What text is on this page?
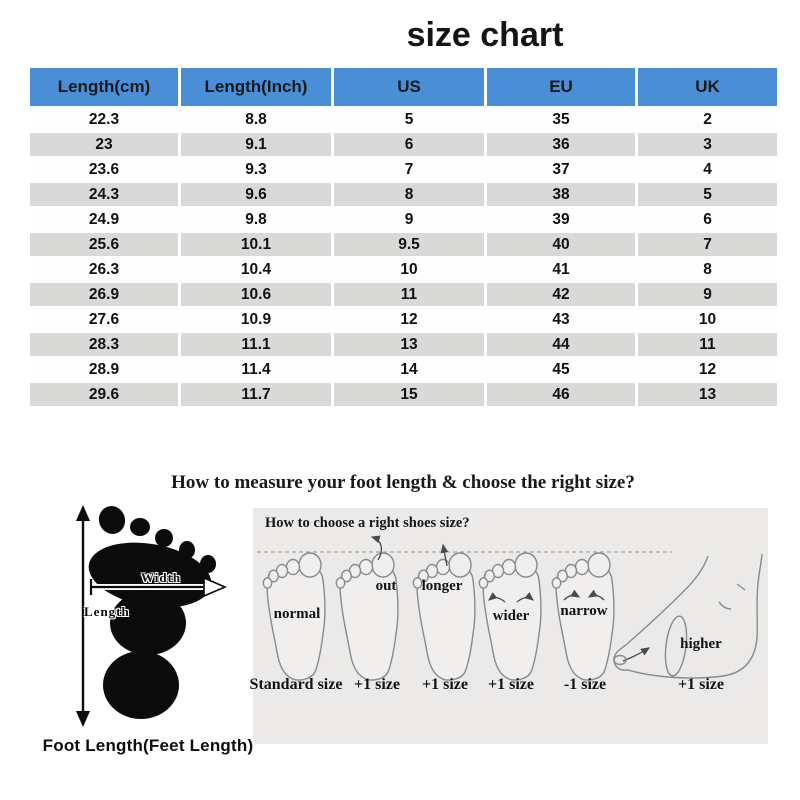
size chart
Length(cm)	Length(Inch)	US	EU	UK
22.3	8.8	5	35	2
23	9.1	6	36	3
23.6	9.3	7	37	4
24.3	9.6	8	38	5
24.9	9.8	9	39	6
25.6	10.1	9.5	40	7
26.3	10.4	10	41	8
26.9	10.6	11	42	9
27.6	10.9	12	43	10
28.3	11.1	13	44	11
28.9	11.4	14	45	12
29.6	11.7	15	46	13
How to measure your foot length & choose the right size?
Width
Length
Foot Length(Feet Length)
How to choose a right shoes size?
normal
out longer
wider narrow
higher
Standard size +1 size +1 size +1 size -1 size	+1 size
